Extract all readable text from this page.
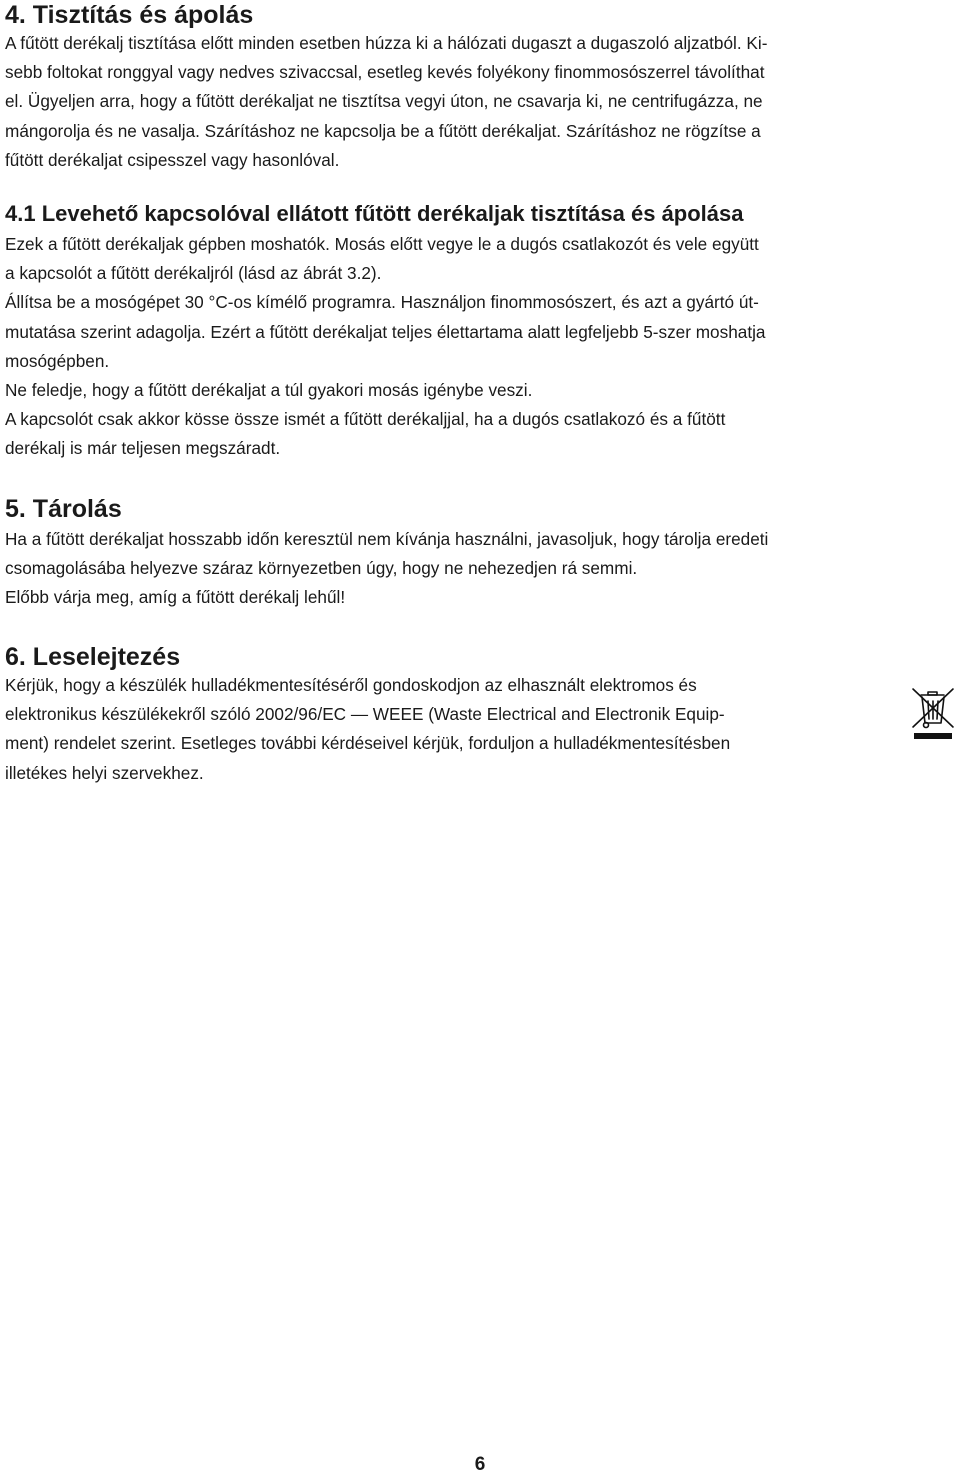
4. Tisztítás és ápolás

A fűtött derékalj tisztítása előtt minden esetben húzza ki a hálózati dugaszt a dugaszoló aljzatból. Ki-

sebb foltokat ronggyal vagy nedves szivaccsal, esetleg kevés folyékony finommosószerrel távolíthat

el. Ügyeljen arra, hogy a fűtött derékaljat ne tisztítsa vegyi úton, ne csavarja ki, ne centrifugázza, ne

mángorolja és ne vasalja. Szárításhoz ne kapcsolja be a fűtött derékaljat. Szárításhoz ne rögzítse a

fűtött derékaljat csipesszel vagy hasonlóval.

4.1 Levehető kapcsolóval ellátott fűtött derékaljak tisztítása és ápolása

Ezek a fűtött derékaljak gépben moshatók. Mosás előtt vegye le a dugós csatlakozót és vele együtt

a kapcsolót a fűtött derékaljról (lásd az ábrát 3.2).

Állítsa be a mosógépet 30 °C-os kímélő programra. Használjon finommosószert, és azt a gyártó út-

mutatása szerint adagolja. Ezért a fűtött derékaljat teljes élettartama alatt legfeljebb 5-szer moshatja

mosógépben.

Ne feledje, hogy a fűtött derékaljat a túl gyakori mosás igénybe veszi.

A kapcsolót csak akkor kösse össze ismét a fűtött derékaljjal, ha a dugós csatlakozó és a fűtött

derékalj is már teljesen megszáradt.

5. Tárolás

Ha a fűtött derékaljat hosszabb időn keresztül nem kívánja használni, javasoljuk, hogy tárolja eredeti

csomagolásába helyezve száraz környezetben úgy, hogy ne nehezedjen rá semmi.

Előbb várja meg, amíg a fűtött derékalj lehűl!

6. Leselejtezés

Kérjük, hogy a készülék hulladékmentesítéséről gondoskodjon az elhasznált elektromos és

elektronikus készülékekről szóló 2002/96/EC — WEEE (Waste Electrical and Electronik Equip-

ment) rendelet szerint. Esetleges további kérdéseivel kérjük, forduljon a hulladékmentesítésben

illetékes helyi szervekhez.

6
